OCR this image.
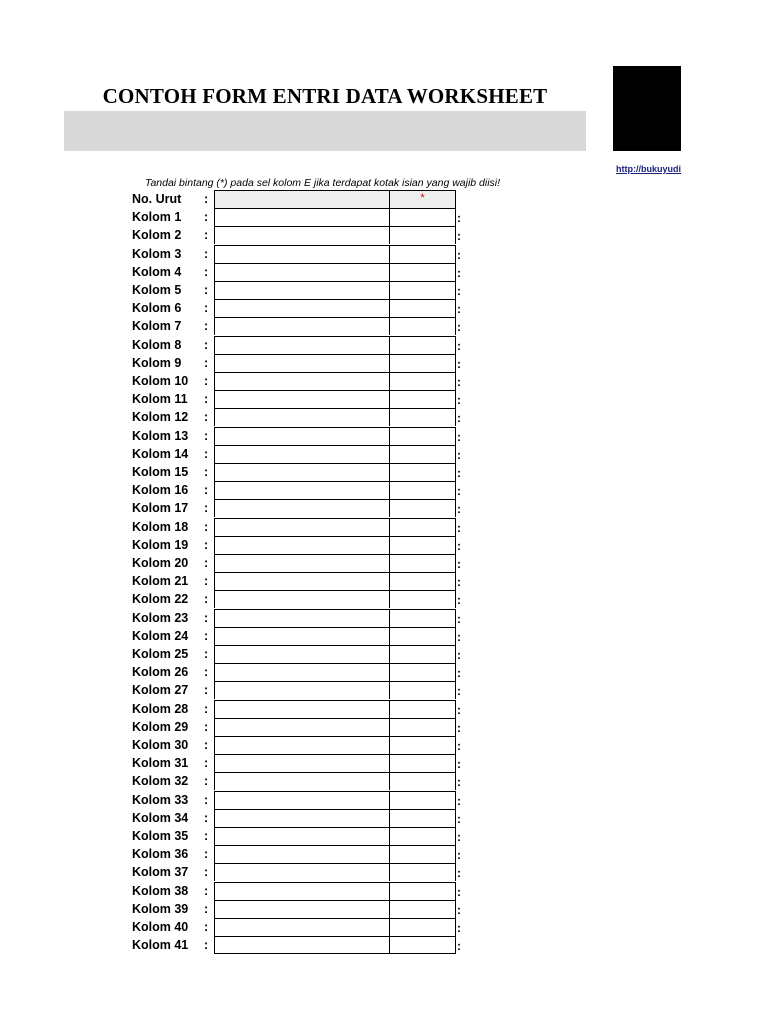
CONTOH FORM ENTRI DATA WORKSHEET
http://bukuyudi
Tandai bintang (*) pada sel kolom E jika terdapat kotak isian yang wajib diisi!
No. Urut :	*
Kolom 1 :	:
Kolom 2 :	:
Kolom 3 :	:
Kolom 4 :	:
Kolom 5 :	:
Kolom 6 :	:
Kolom 7 :	:
Kolom 8 :	:
Kolom 9 :	:
Kolom 10 :	:
Kolom 11 :	:
Kolom 12 :	:
Kolom 13 :	:
Kolom 14 :	:
Kolom 15 :	:
Kolom 16 :	:
Kolom 17 :	:
Kolom 18 :	:
Kolom 19 :	:
Kolom 20 :	:
Kolom 21 :	:
Kolom 22 :	:
Kolom 23 :	:
Kolom 24 :	:
Kolom 25 :	:
Kolom 26 :	:
Kolom 27 :	:
Kolom 28 :	:
Kolom 29 :	:
Kolom 30 :	:
Kolom 31 :	:
Kolom 32 :	:
Kolom 33 :	:
Kolom 34 :	:
Kolom 35 :	:
Kolom 36 :	:
Kolom 37 :	:
Kolom 38 :	:
Kolom 39 :	:
Kolom 40 :	:
Kolom 41 :	:
